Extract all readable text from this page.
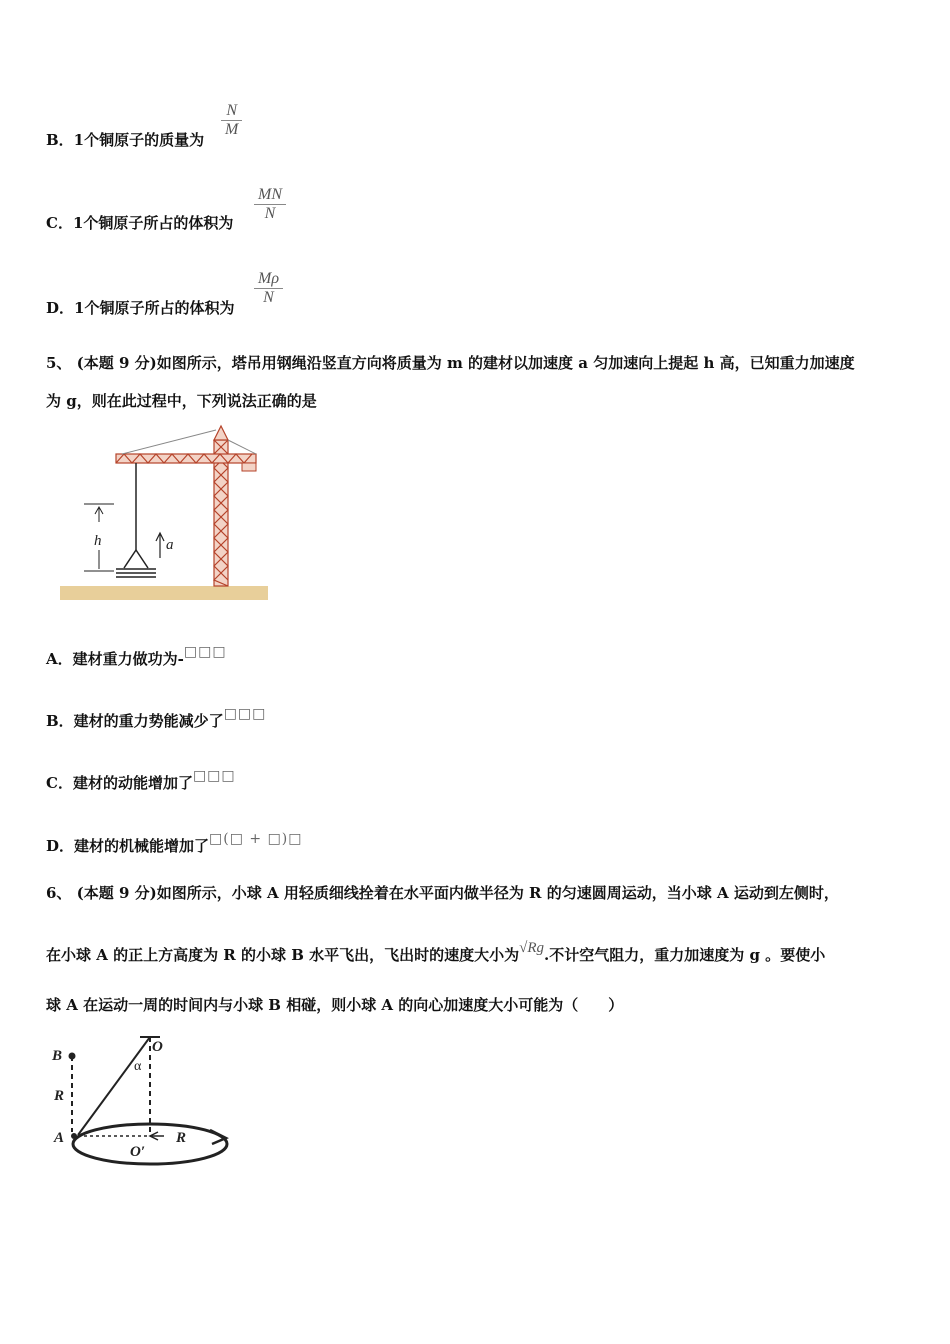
B．1个铜原子的质量为
N
M
C．1个铜原子所占的体积为
MN
N
D．1个铜原子所占的体积为
Mρ
N
5、 (本题 9 分)如图所示，塔吊用钢绳沿竖直方向将质量为 m 的建材以加速度 a 匀加速向上提起 h 高，已知重力加速度
为 g，则在此过程中，下列说法正确的是
h	a
A．建材重力做功为-□□□
B．建材的重力势能减少了□□□
C．建材的动能增加了□□□
D．建材的机械能增加了□(□ + □)□
6、 (本题 9 分)如图所示，小球 A 用轻质细线拴着在水平面内做半径为 R 的匀速圆周运动，当小球 A 运动到左侧时，
在小球 A 的正上方高度为 R 的小球 B 水平飞出，飞出时的速度大小为√Rg.不计空气阻力，重力加速度为 g 。要使小
球 A 在运动一周的时间内与小球 B 相碰，则小球 A 的向心加速度大小可能为（　　）
B
R
A
O
α
O′
R
